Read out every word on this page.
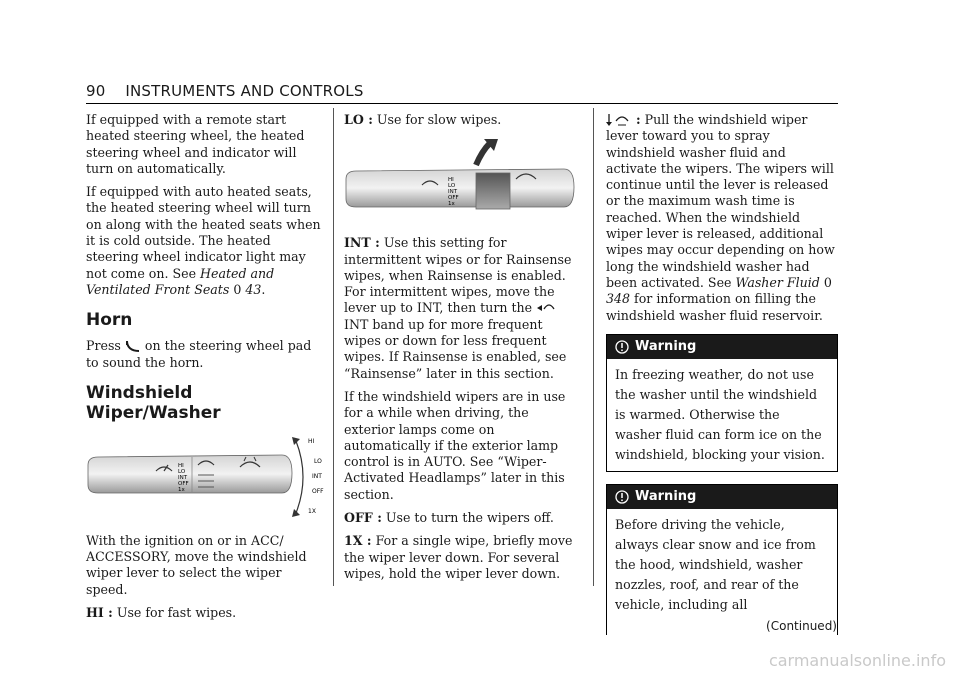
90 INSTRUMENTS AND CONTROLS

If equipped with a remote start heated steering wheel, the heated steering wheel and indicator will turn on automatically.

If equipped with auto heated seats, the heated steering wheel will turn on along with the heated seats when it is cold outside. The heated steering wheel indicator light may not come on. See Heated and Ventilated Front Seats 0 43.

Horn

Press on the steering wheel pad to sound the horn.

Windshield Wiper/Washer
HI
LO
INT
OFF
1x
HI
LO
INT
OFF
1X

With the ignition on or in ACC/ ACCESSORY, move the windshield wiper lever to select the wiper speed.

HI : Use for fast wipes.

LO : Use for slow wipes.

HI
LO
INT
OFF
1x

INT : Use this setting for intermittent wipes or for Rainsense wipes, when Rainsense is enabled. For intermittent wipes, move the lever up to INT, then turn the  INT band up for more frequent wipes or down for less frequent wipes. If Rainsense is enabled, see “Rainsense” later in this section.

If the windshield wipers are in use for a while when driving, the exterior lamps come on automatically if the exterior lamp control is in AUTO. See “Wiper-Activated Headlamps” later in this section.

OFF : Use to turn the wipers off.

1X : For a single wipe, briefly move the wiper lever down. For several wipes, hold the wiper lever down.

: Pull the windshield wiper lever toward you to spray windshield washer fluid and activate the wipers. The wipers will continue until the lever is released or the maximum wash time is reached. When the windshield wiper lever is released, additional wipes may occur depending on how long the windshield washer had been activated. See Washer Fluid 0 348 for information on filling the windshield washer fluid reservoir.

Warning
In freezing weather, do not use the washer until the windshield is warmed. Otherwise the washer fluid can form ice on the windshield, blocking your vision.
Warning
Before driving the vehicle, always clear snow and ice from the hood, windshield, washer nozzles, roof, and rear of the vehicle, including all
(Continued)
carmanualsonline.info
